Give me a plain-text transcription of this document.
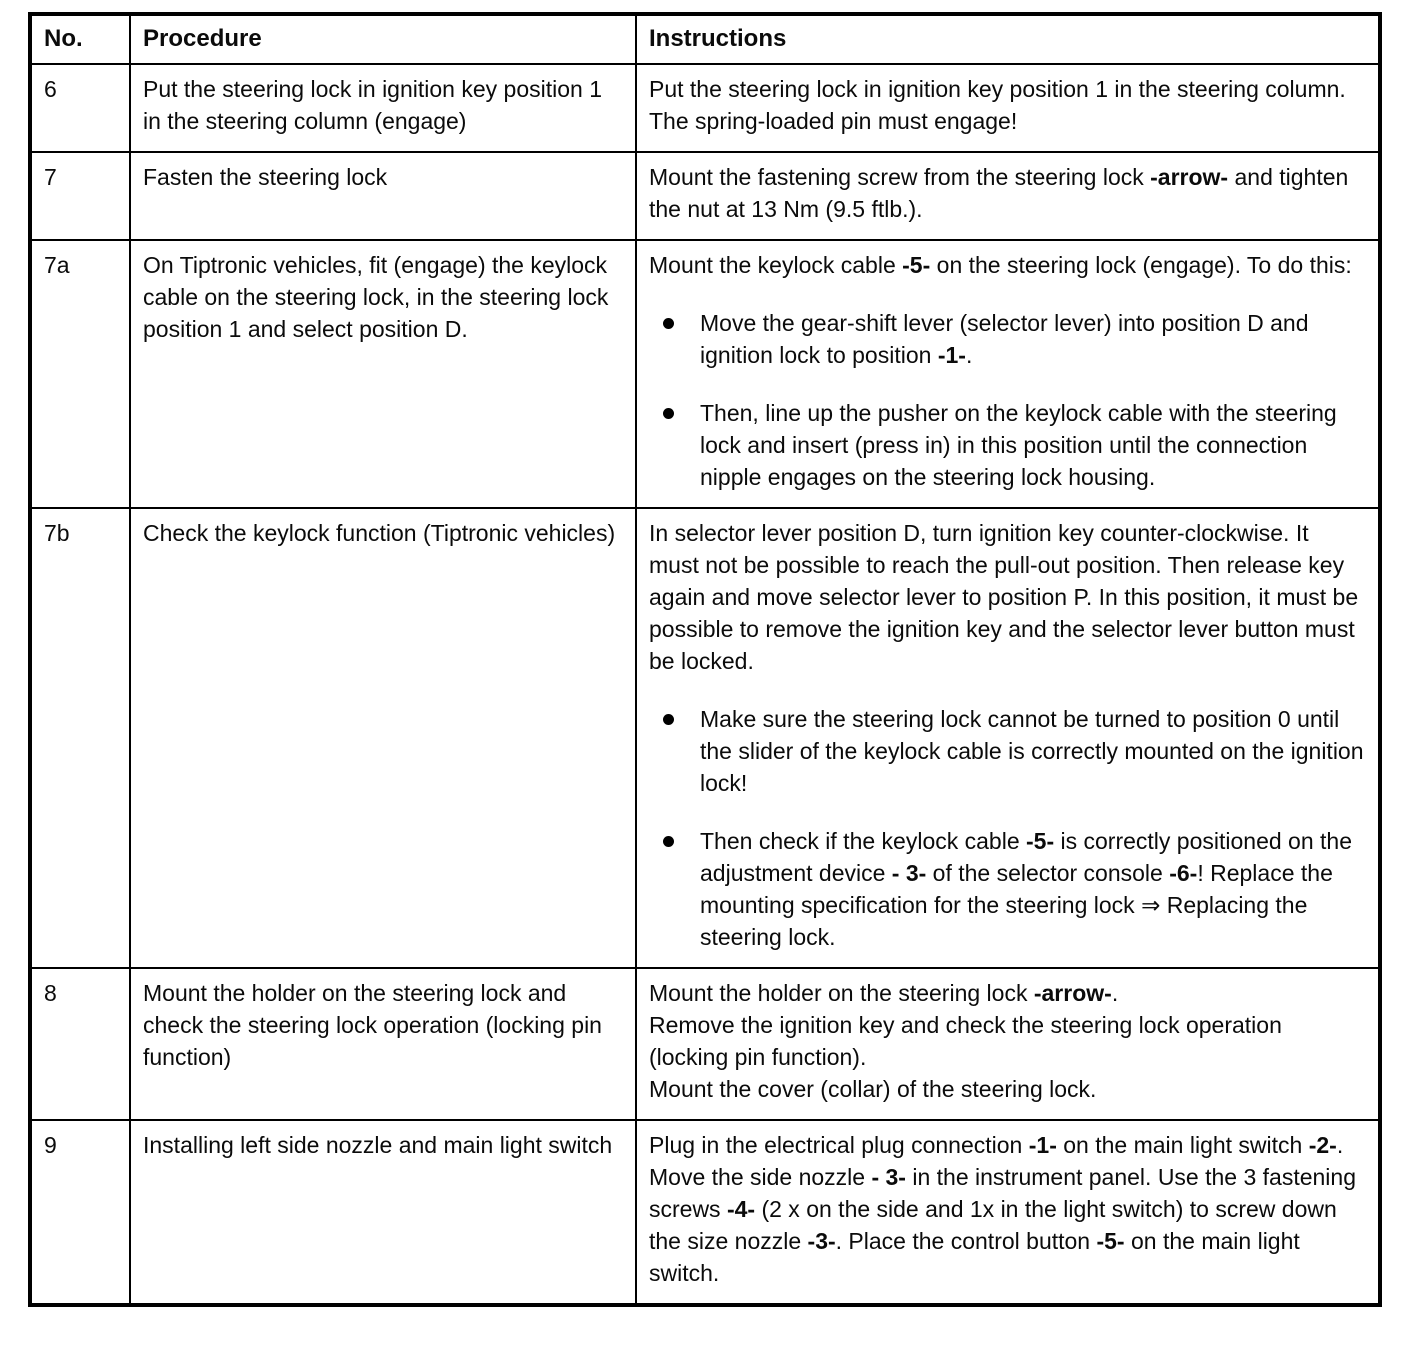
No.	Procedure	Instructions
6	Put the steering lock in ignition key position 1 in the steering column (engage)	Put the steering lock in ignition key position 1 in the steering column. The spring-loaded pin must engage!

7	Fasten the steering lock	Mount the fastening screw from the steering lock -arrow- and tighten the nut at 13 Nm (9.5 ftlb.).

7a	On Tiptronic vehicles, fit (engage) the keylock cable on the steering lock, in the steering lock position 1 and select position D.	Mount the keylock cable -5- on the steering lock (engage). To do this:
Move the gear-shift lever (selector lever) into position D and ignition lock to position -1-.
Then, line up the pusher on the keylock cable with the steering lock and insert (press in) in this position until the connection nipple engages on the steering lock housing.

7b	Check the keylock function (Tiptronic vehicles)	In selector lever position D, turn ignition key counter-clockwise. It must not be possible to reach the pull-out position. Then release key again and move selector lever to position P. In this position, it must be possible to remove the ignition key and the selector lever button must be locked.
Make sure the steering lock cannot be turned to position 0 until the slider of the keylock cable is correctly mounted on the ignition lock!
Then check if the keylock cable -5- is correctly positioned on the adjustment device - 3- of the selector console -6-! Replace the mounting specification for the steering lock ⇒ Replacing the steering lock.

8	Mount the holder on the steering lock and check the steering lock operation (locking pin function)	Mount the holder on the steering lock -arrow-.
Remove the ignition key and check the steering lock operation (locking pin function).
Mount the cover (collar) of the steering lock.

9	Installing left side nozzle and main light switch	Plug in the electrical plug connection -1- on the main light switch -2-.
Move the side nozzle - 3- in the instrument panel. Use the 3 fastening screws -4- (2 x on the side and 1x in the light switch) to screw down the size nozzle -3-. Place the control button -5- on the main light switch.
